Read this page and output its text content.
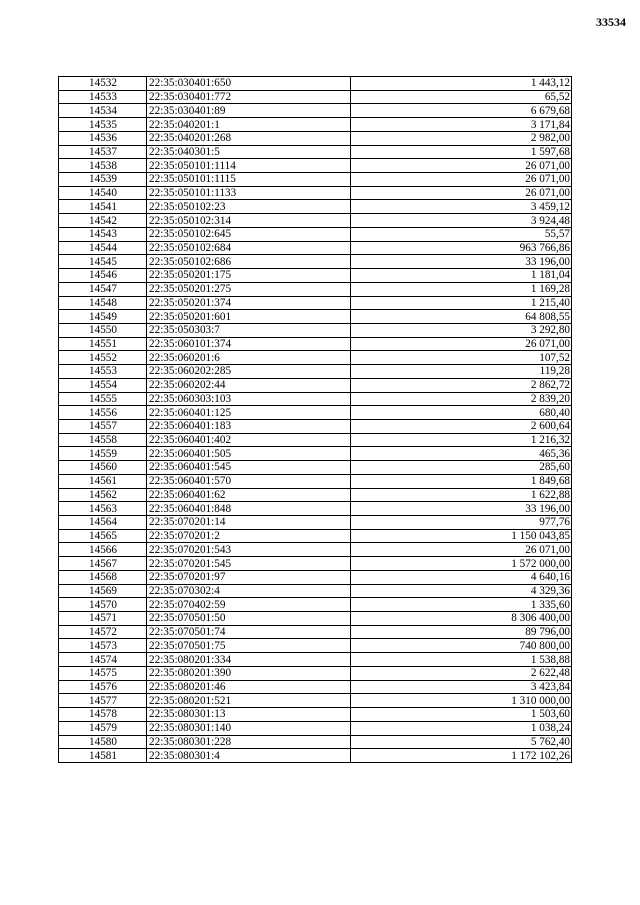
33534
14532	22:35:030401:650	1 443,12
14533	22:35:030401:772	65,52
14534	22:35:030401:89	6 679,68
14535	22:35:040201:1	3 171,84
14536	22:35:040201:268	2 982,00
14537	22:35:040301:5	1 597,68
14538	22:35:050101:1114	26 071,00
14539	22:35:050101:1115	26 071,00
14540	22:35:050101:1133	26 071,00
14541	22:35:050102:23	3 459,12
14542	22:35:050102:314	3 924,48
14543	22:35:050102:645	55,57
14544	22:35:050102:684	963 766,86
14545	22:35:050102:686	33 196,00
14546	22:35:050201:175	1 181,04
14547	22:35:050201:275	1 169,28
14548	22:35:050201:374	1 215,40
14549	22:35:050201:601	64 808,55
14550	22:35:050303:7	3 292,80
14551	22:35:060101:374	26 071,00
14552	22:35:060201:6	107,52
14553	22:35:060202:285	119,28
14554	22:35:060202:44	2 862,72
14555	22:35:060303:103	2 839,20
14556	22:35:060401:125	680,40
14557	22:35:060401:183	2 600,64
14558	22:35:060401:402	1 216,32
14559	22:35:060401:505	465,36
14560	22:35:060401:545	285,60
14561	22:35:060401:570	1 849,68
14562	22:35:060401:62	1 622,88
14563	22:35:060401:848	33 196,00
14564	22:35:070201:14	977,76
14565	22:35:070201:2	1 150 043,85
14566	22:35:070201:543	26 071,00
14567	22:35:070201:545	1 572 000,00
14568	22:35:070201:97	4 640,16
14569	22:35:070302:4	4 329,36
14570	22:35:070402:59	1 335,60
14571	22:35:070501:50	8 306 400,00
14572	22:35:070501:74	89 796,00
14573	22:35:070501:75	740 800,00
14574	22:35:080201:334	1 538,88
14575	22:35:080201:390	2 622,48
14576	22:35:080201:46	3 423,84
14577	22:35:080201:521	1 310 000,00
14578	22:35:080301:13	1 503,60
14579	22:35:080301:140	1 038,24
14580	22:35:080301:228	5 762,40
14581	22:35:080301:4	1 172 102,26
